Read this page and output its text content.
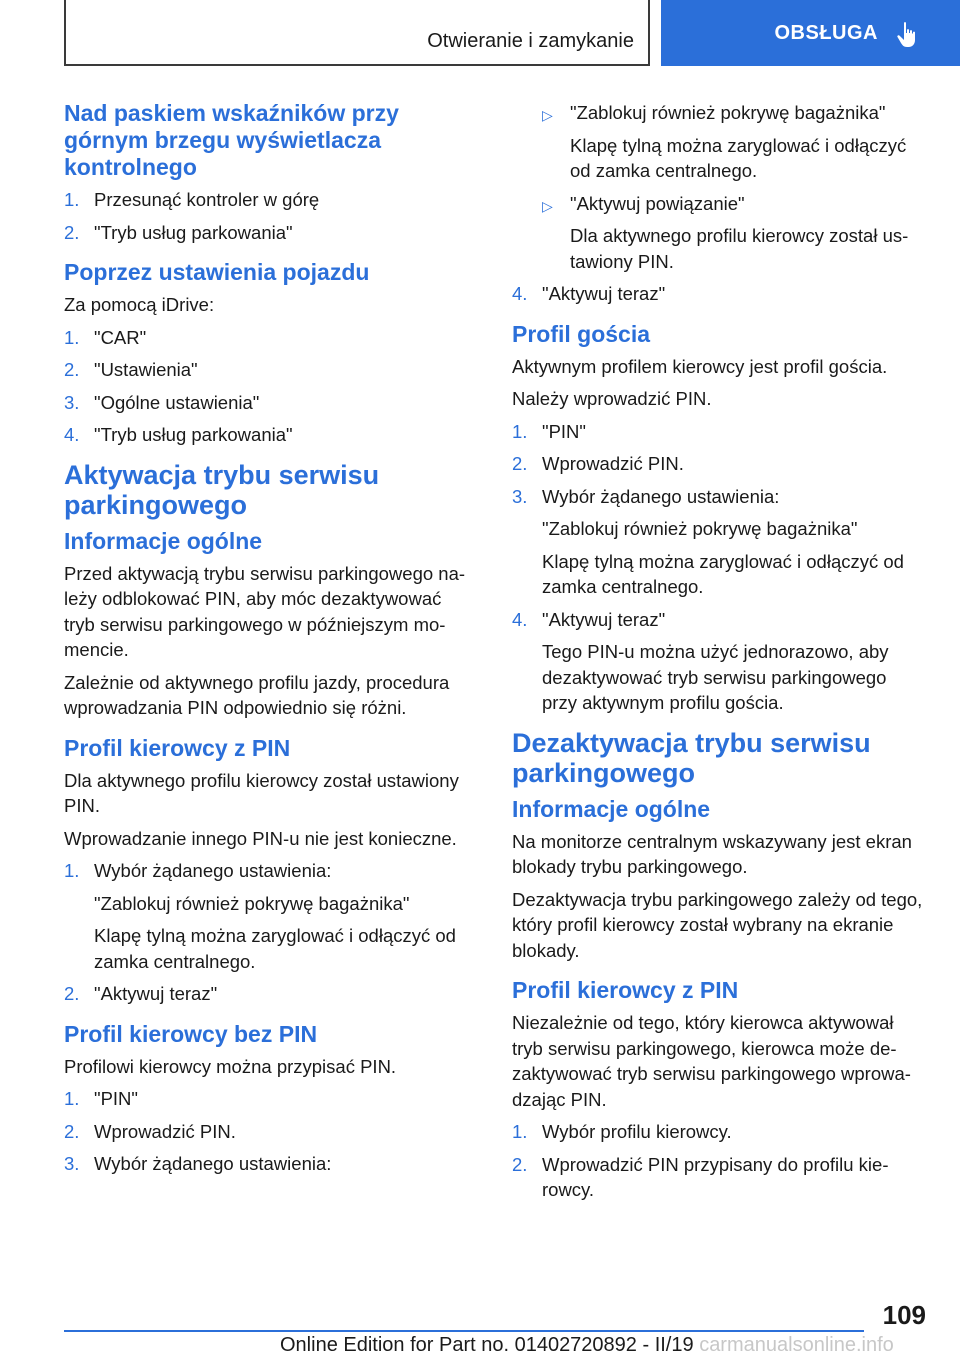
Otwieranie i zamykanie	OBSŁUGA
Nad paskiem wskaźników przy górnym brzegu wyświetlacza kontrolnego
1. Przesunąć kontroler w górę
2. "Tryb usług parkowania"
Poprzez ustawienia pojazdu

Za pomocą iDrive:

1. "CAR"
2. "Ustawienia"
3. "Ogólne ustawienia"
4. "Tryb usług parkowania"
Aktywacja trybu serwisu parkingowego
Informacje ogólne

Przed aktywacją trybu serwisu parkingowego na-leży odblokować PIN, aby móc dezaktywować tryb serwisu parkingowego w późniejszym mo-mencie.

Zależnie od aktywnego profilu jazdy, procedura wprowadzania PIN odpowiednio się różni.

Profil kierowcy z PIN

Dla aktywnego profilu kierowcy został ustawiony PIN.

Wprowadzanie innego PIN-u nie jest konieczne.

1. Wybór żądanego ustawienia:

"Zablokuj również pokrywę bagażnika"

Klapę tylną można zaryglować i odłączyć od zamka centralnego.

2. "Aktywuj teraz"
Profil kierowcy bez PIN

Profilowi kierowcy można przypisać PIN.

1. "PIN"
2. Wprowadzić PIN.
3. Wybór żądanego ustawienia:
▷ "Zablokuj również pokrywę bagażnika"
Klapę tylną można zaryglować i odłączyć od zamka centralnego.
▷ "Aktywuj powiązanie"
Dla aktywnego profilu kierowcy został us-tawiony PIN.
4. "Aktywuj teraz"
Profil gościa

Aktywnym profilem kierowcy jest profil gościa.

Należy wprowadzić PIN.

1. "PIN"
2. Wprowadzić PIN.
3. Wybór żądanego ustawienia:

"Zablokuj również pokrywę bagażnika"

Klapę tylną można zaryglować i odłączyć od zamka centralnego.

4. "Aktywuj teraz"

Tego PIN-u można użyć jednorazowo, aby dezaktywować tryb serwisu parkingowego przy aktywnym profilu gościa.

Dezaktywacja trybu serwisu parkingowego
Informacje ogólne

Na monitorze centralnym wskazywany jest ekran blokady trybu parkingowego.

Dezaktywacja trybu parkingowego zależy od tego, który profil kierowcy został wybrany na ekranie blokady.

Profil kierowcy z PIN

Niezależnie od tego, który kierowca aktywował tryb serwisu parkingowego, kierowca może de-zaktywować tryb serwisu parkingowego wprowa-dzając PIN.

1. Wybór profilu kierowcy.
2. Wprowadzić PIN przypisany do profilu kie-rowcy.
109
Online Edition for Part no. 01402720892 - II/19 carmanualsonline.info
